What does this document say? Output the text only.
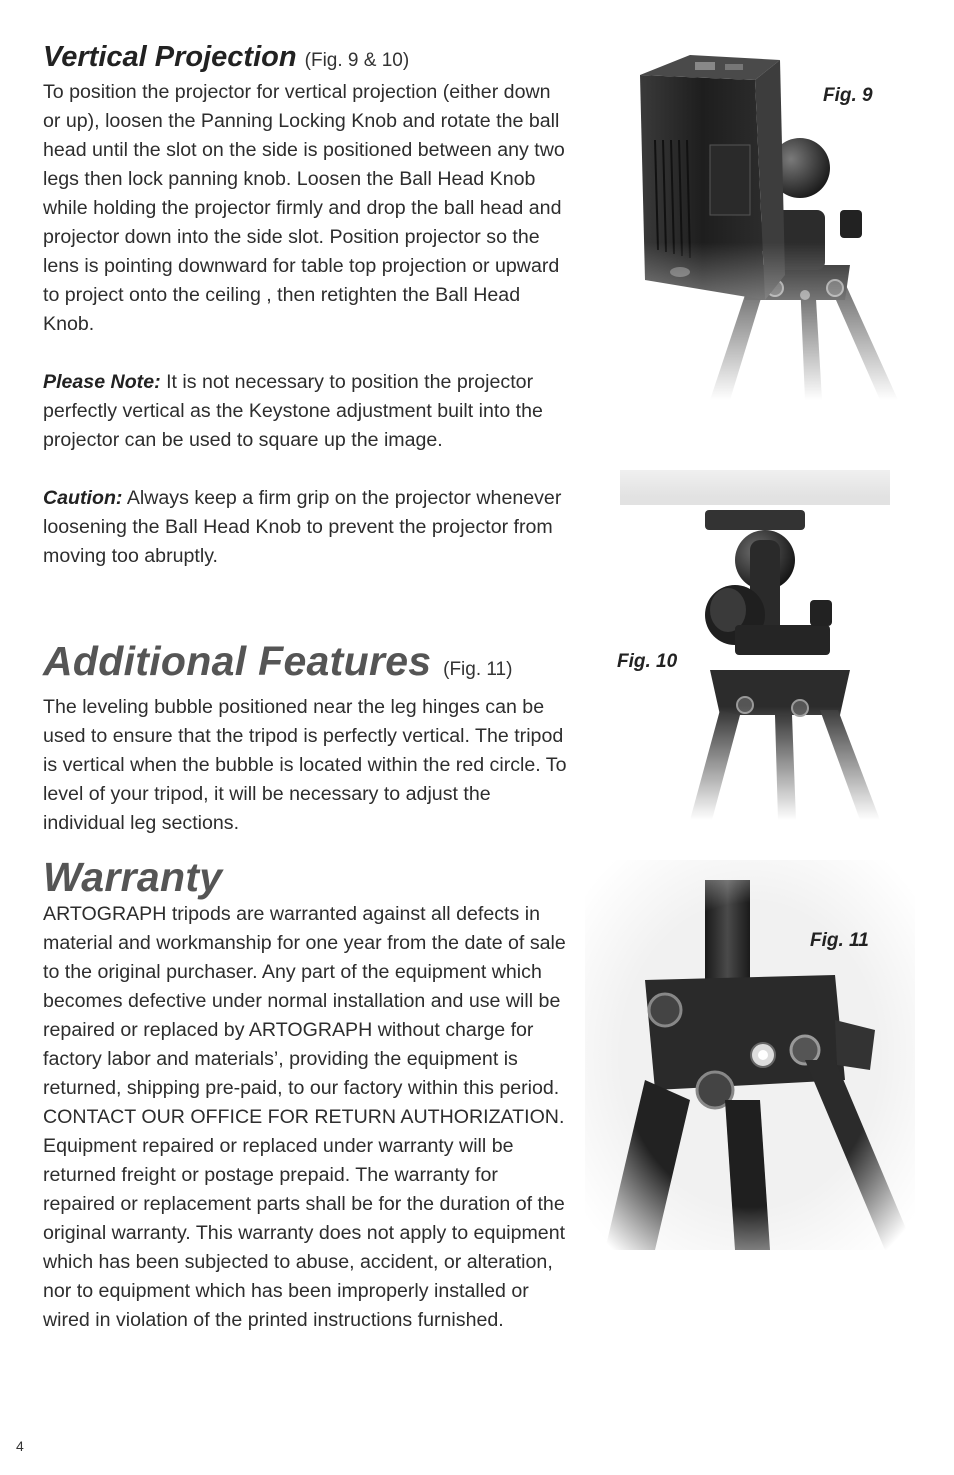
Vertical Projection (Fig. 9 & 10)

To position the projector for vertical projection (either down or up), loosen the Panning Locking Knob and rotate the ball head until the slot on the side is positioned between any two legs then lock panning knob. Loosen the Ball Head Knob while holding the projector firmly and drop the ball head and projector down into the side slot. Position projector so the lens is pointing downward for table top projection or upward to project onto the ceiling , then retighten the Ball Head Knob.

Please Note: It is not necessary to position the projector perfectly vertical as the Keystone adjustment built into the projector can be used to square up the image.

Caution: Always keep a firm grip on the projector whenever loosening the Ball Head Knob to prevent the projector from moving too abruptly.

Additional Features (Fig. 11)

The leveling bubble positioned near the leg hinges can be used to ensure that the tripod is perfectly vertical. The tripod is vertical when the bubble is located within the red circle. To level of your tripod, it will be necessary to adjust the individual leg sections.

Warranty

ARTOGRAPH tripods are warranted against all defects in material and workmanship for one year from the date of sale to the original purchaser. Any part of the equipment which becomes defective under normal installation and use will be repaired or replaced by ARTOGRAPH without charge for factory labor and materials’, providing the equipment is returned, shipping pre-paid, to our factory within this period. CONTACT OUR OFFICE FOR RETURN AUTHORIZATION. Equipment repaired or replaced under warranty will be returned freight or postage prepaid. The warranty for repaired or replacement parts shall be for the duration of the original warranty. This warranty does not apply to equipment which has been subjected to abuse, accident, or alteration, nor to equipment which has been improperly installed or wired in violation of the printed instructions furnished.

Fig. 9
Fig. 10
Fig. 11
4
